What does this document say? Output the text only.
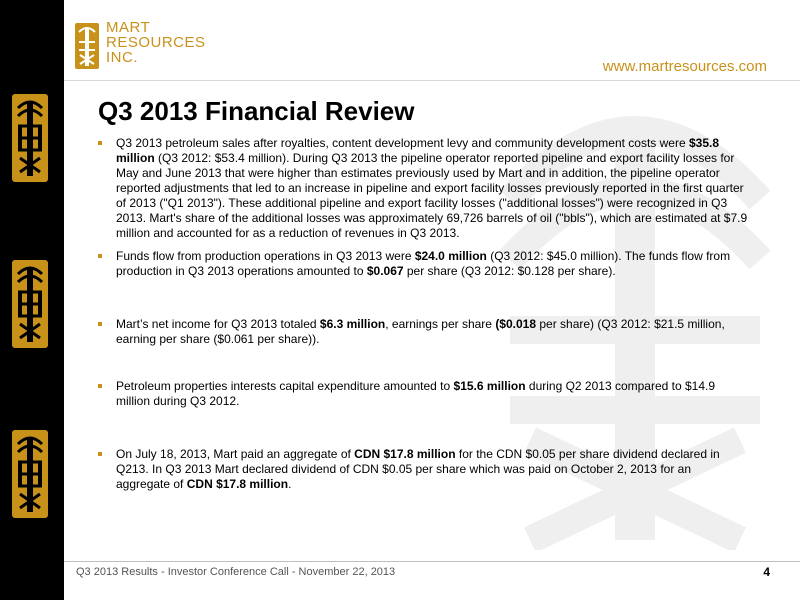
MART
RESOURCES
INC.
www.martresources.com
Q3 2013 Financial Review
Q3 2013 petroleum sales after royalties, content development levy and community development costs were $35.8 million (Q3 2012: $53.4 million). During Q3 2013 the pipeline operator reported pipeline and export facility losses for May and June 2013 that were higher than estimates previously used by Mart and in addition, the pipeline operator reported adjustments that led to an increase in pipeline and export facility losses previously reported in the first quarter of 2013 ("Q1 2013"). These additional pipeline and export facility losses ("additional losses") were recognized in Q3 2013. Mart's share of the additional losses was approximately 69,726 barrels of oil ("bbls"), which are estimated at $7.9 million and accounted for as a reduction of revenues in Q3 2013.
Funds flow from production operations in Q3 2013 were $24.0 million (Q3 2012: $45.0 million). The funds flow from production in Q3 2013 operations amounted to $0.067 per share (Q3 2012: $0.128 per share).
Mart’s net income for Q3 2013 totaled $6.3 million, earnings per share ($0.018 per share) (Q3 2012: $21.5 million, earning per share ($0.061 per share)).
Petroleum properties interests capital expenditure amounted to $15.6 million during Q2 2013 compared to $14.9 million during Q3 2012.
On July 18, 2013, Mart paid an aggregate of CDN $17.8 million for the CDN $0.05 per share dividend declared in Q213. In Q3 2013 Mart declared dividend of CDN $0.05 per share which was paid on October 2, 2013 for an aggregate of CDN $17.8 million.
Q3 2013 Results - Investor Conference Call - November 22, 2013	4
